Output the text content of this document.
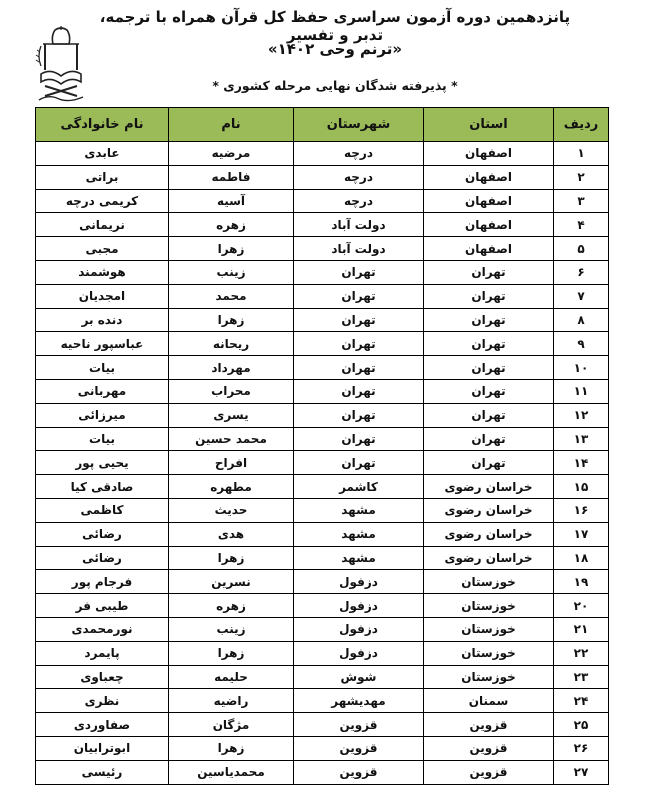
پانزدهمین دوره آزمون سراسری حفظ کل قرآن همراه با ترجمه، تدبر و تفسیر
«ترنم وحی ۱۴۰۲»
* پذیرفته شدگان نهایی مرحله کشوری *
ردیف	استان	شهرستان	نام	نام خانوادگی
۱	اصفهان	درچه	مرضیه	عابدی
۲	اصفهان	درچه	فاطمه	براتی
۳	اصفهان	درچه	آسیه	کریمی درچه
۴	اصفهان	دولت آباد	زهره	نریمانی
۵	اصفهان	دولت آباد	زهرا	مجبی
۶	تهران	تهران	زینب	هوشمند
۷	تهران	تهران	محمد	امجدیان
۸	تهران	تهران	زهرا	دنده بر
۹	تهران	تهران	ریحانه	عباسپور ناحیه
۱۰	تهران	تهران	مهرداد	بیات
۱۱	تهران	تهران	محراب	مهربانی
۱۲	تهران	تهران	یسری	میرزائی
۱۳	تهران	تهران	محمد حسین	بیات
۱۴	تهران	تهران	افراح	یحیی پور
۱۵	خراسان رضوی	کاشمر	مطهره	صادقی کیا
۱۶	خراسان رضوی	مشهد	حدیث	کاظمی
۱۷	خراسان رضوی	مشهد	هدی	رضائی
۱۸	خراسان رضوی	مشهد	زهرا	رضائی
۱۹	خوزستان	دزفول	نسرین	فرجام پور
۲۰	خوزستان	دزفول	زهره	طیبی فر
۲۱	خوزستان	دزفول	زینب	نورمحمدی
۲۲	خوزستان	دزفول	زهرا	پایمرد
۲۳	خوزستان	شوش	حلیمه	چعباوی
۲۴	سمنان	مهدیشهر	راضیه	نظری
۲۵	قزوین	قزوین	مژگان	صفاوردی
۲۶	قزوین	قزوین	زهرا	ابوترابیان
۲۷	قزوین	قزوین	محمدیاسین	رئیسی
